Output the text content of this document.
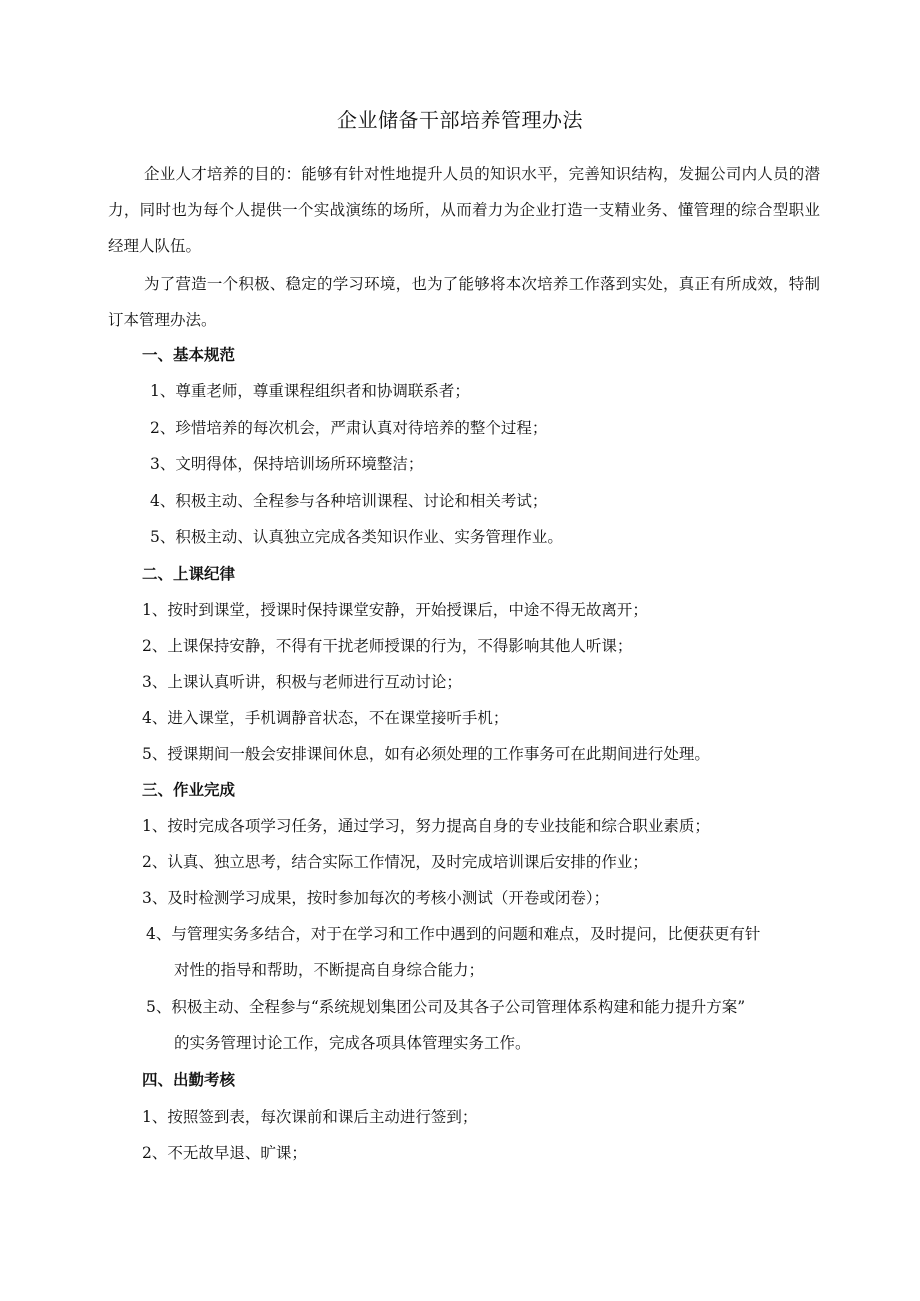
企业储备干部培养管理办法
企业人才培养的目的：能够有针对性地提升人员的知识水平，完善知识结构，发掘公司内人员的潜力，同时也为每个人提供一个实战演练的场所，从而着力为企业打造一支精业务、懂管理的综合型职业经理人队伍。
为了营造一个积极、稳定的学习环境，也为了能够将本次培养工作落到实处，真正有所成效，特制订本管理办法。
一、基本规范
1、尊重老师，尊重课程组织者和协调联系者；
2、珍惜培养的每次机会，严肃认真对待培养的整个过程；
3、文明得体，保持培训场所环境整洁；
4、积极主动、全程参与各种培训课程、讨论和相关考试；
5、积极主动、认真独立完成各类知识作业、实务管理作业。
二、上课纪律
1、按时到课堂，授课时保持课堂安静，开始授课后，中途不得无故离开；
2、上课保持安静，不得有干扰老师授课的行为，不得影响其他人听课；
3、上课认真听讲，积极与老师进行互动讨论；
4、进入课堂，手机调静音状态，不在课堂接听手机；
5、授课期间一般会安排课间休息，如有必须处理的工作事务可在此期间进行处理。
三、作业完成
1、按时完成各项学习任务，通过学习，努力提高自身的专业技能和综合职业素质；
2、认真、独立思考，结合实际工作情况，及时完成培训课后安排的作业；
3、及时检测学习成果，按时参加每次的考核小测试（开卷或闭卷）；
4、与管理实务多结合，对于在学习和工作中遇到的问题和难点，及时提问，比便获更有针
对性的指导和帮助，不断提高自身综合能力；
5、积极主动、全程参与“系统规划集团公司及其各子公司管理体系构建和能力提升方案”
的实务管理讨论工作，完成各项具体管理实务工作。
四、出勤考核
1、按照签到表，每次课前和课后主动进行签到；
2、不无故早退、旷课；
